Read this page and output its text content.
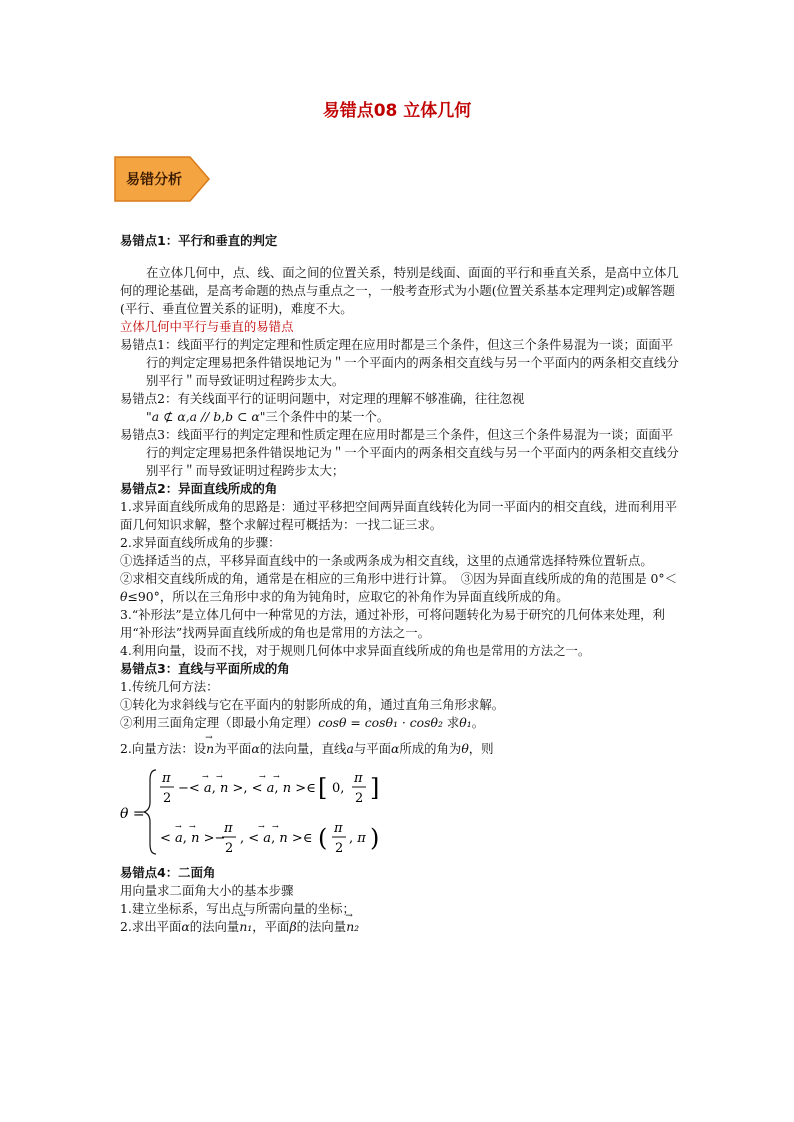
易错点08 立体几何
易错分析

易错点1：平行和垂直的判定

在立体几何中，点、线、面之间的位置关系，特别是线面、面面的平行和垂直关系，是高中立体几何的理论基础，是高考命题的热点与重点之一，一般考查形式为小题(位置关系基本定理判定)或解答题(平行、垂直位置关系的证明)，难度不大。

立体几何中平行与垂直的易错点

易错点1：线面平行的判定定理和性质定理在应用时都是三个条件，但这三个条件易混为一谈；面面平行的判定定理易把条件错误地记为＂一个平面内的两条相交直线与另一个平面内的两条相交直线分别平行＂而导致证明过程跨步太大。

易错点2：有关线面平行的证明问题中，对定理的理解不够准确，往往忽视
"a ⊄ α,a // b,b ⊂ α"三个条件中的某一个。

易错点3：线面平行的判定定理和性质定理在应用时都是三个条件，但这三个条件易混为一谈；面面平行的判定定理易把条件错误地记为＂一个平面内的两条相交直线与另一个平面内的两条相交直线分别平行＂而导致证明过程跨步太大；

易错点2：异面直线所成的角

1.求异面直线所成角的思路是：通过平移把空间两异面直线转化为同一平面内的相交直线，进而利用平面几何知识求解，整个求解过程可概括为：一找二证三求。

2.求异面直线所成角的步骤：

①选择适当的点，平移异面直线中的一条或两条成为相交直线，这里的点通常选择特殊位置斩点。

②求相交直线所成的角，通常是在相应的三角形中进行计算。　③因为异面直线所成的角的范围是 0°＜θ≤90°，所以在三角形中求的角为钝角时，应取它的补角作为异面直线所成的角。

3.“补形法”是立体几何中一种常见的方法，通过补形，可将问题转化为易于研究的几何体来处理，利用“补形法”找两异面直线所成的角也是常用的方法之一。

4.利用向量，设而不找，对于规则几何体中求异面直线所成的角也是常用的方法之一。

易错点3：直线与平面所成的角

1.传统几何方法：

①转化为求斜线与它在平面内的射影所成的角，通过直角三角形求解。

②利用三面角定理（即最小角定理）cosθ = cosθ₁ · cosθ₂ 求θ₁。

2.向量方法：设→ n为平面α的法向量，直线a与平面α所成的角为θ，则

θ =
π
2
−< a, n >, < a, n >∈
→ →	→ → [ 0,
π
2 ]
< a, n >−
→ → π
2
, < a, n >∈
→ → ( π
2
, π )

易错点4：二面角

用向量求二面角大小的基本步骤

1.建立坐标系，写出点与所需向量的坐标；

2.求出平面α的法向量→ n₁，平面β的法向量→ n₂
